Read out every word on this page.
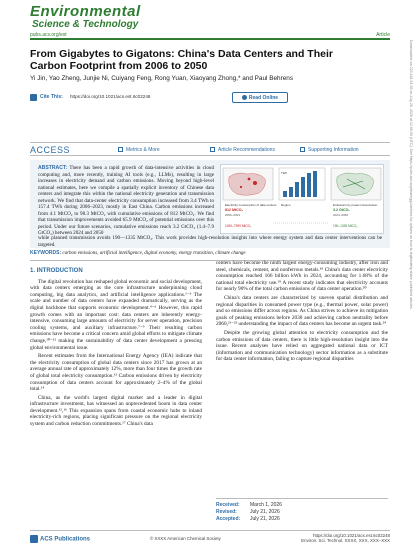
Environmental
Science & Technology
pubs.acs.org/est	Article
From Gigabytes to Gigatons: China's Data Centers and Their Carbon Footprint from 2006 to 2050
Yi Jin, Yao Zheng, Junjie Ni, Cuiyang Feng, Rong Yuan, Xiaoyang Zhong,* and Paul Behrens
Cite This: https://doi.org/10.1021/acs.est.6c02248	Read Online
ACCESS	Metrics & More	Article Recommendations	Supporting Information
ABSTRACT: There has been a rapid growth of data-intensive activities in cloud computing and, more recently, training AI tools (e.g., LLMs), resulting in large increases in electricity demand and carbon emissions. Moving beyond high-level national estimates, here we compile a spatially explicit inventory of Chinese data centers and integrate this within the national electricity generation and transmission network. We find that data-center electricity consumption increased from 3.4 TWh to 157.4 TWh during 2006–2023, mostly in East China. Carbon emissions increased from 4.1 MtCO₂ to 98.3 MtCO₂ with cumulative emissions of 812 MtCO₂. We find that transmission improvements avoided 65.9 MtCO₂ of potential emissions over this period. Under our future scenarios, cumulative emissions reach 3.2 GtCO₂ (1.4–7.9 GtCO₂) between 2024 and 2050
while planned transmission avoids 190—1335 MtCO₂. This work provides high-resolution insights into where energy system and data center interventions can be targeted.
Electricity consumption of data centers
812 MtCO₂
2006–2023
TWh
Emissions by power transmission
3.2 GtCO₂
2024–2050
Region
1490–7999 MtCO₂	190–1335 MtCO₂
KEYWORDS: carbon emissions, artificial intelligence, digital economy, energy transition, climate change
1. INTRODUCTION

The digital revolution has reshaped global economic and social development, with data centers emerging as the core infrastructure underpinning cloud computing, big data analytics, and artificial intelligence applications.¹⁻³ The scale and number of data centers have expanded dramatically, serving as the digital backbone that supports economic development.⁴⁻⁶ However, this rapid growth comes with an important cost: data centers are inherently energy-intensive, consuming large amounts of electricity for server operation, precision cooling systems, and auxiliary infrastructure.⁷⁻⁹ Their resulting carbon emissions have become a critical concern amid global efforts to mitigate climate change,¹⁰⁻¹² making the sustainability of data center development a pressing global environmental issue.

Recent estimates from the International Energy Agency (IEA) indicate that the electricity consumption of global data centers since 2017 has grown at an average annual rate of approximately 12%, more than four times the growth rate of global total electricity consumption.¹³ Carbon emissions driven by electricity consumption of data centers account for approximately 2–4% of the global total.¹⁴

China, as the world's largest digital market and a leader in digital infrastructure investment, has witnessed an unprecedented boom in data center development.¹⁵,¹⁶ This expansion spans from coastal economic hubs to inland electricity-rich regions, placing significant pressure on the regional electricity system and carbon reduction commitments.¹⁷ China's data

centers have become the ninth largest energy-consuming industry, after iron and steel, chemicals, cement, and nonferrous metals.¹⁸ China's data center electricity consumption reached 166 billion kWh in 2024, accounting for 1.68% of the national total electricity use.¹⁹ A recent study indicates that electricity accounts for nearly 90% of the total carbon emissions of data center operation.²⁰

China's data centers are characterized by uneven spatial distribution and regional disparities in consumed power type (e.g., thermal power, solar power) and so emissions differ across regions. As China strives to achieve its mitigation goals of peaking emissions before 2030 and achieving carbon neutrality before 2060,²¹⁻²³ understanding the impact of data centers has become an urgent task.²⁴

Despite the growing global attention to electricity consumption and the carbon emissions of data centers, there is little high-resolution insight into the issue. Recent analyses have relied on aggregated national data or ICT (information and communication technology) sector information as a substitute for data center information, failing to capture regional disparities

Received: March 1, 2026
Revised:	July 21, 2026
Accepted: July 21, 2026
ACS Publications	© XXXX American Chemical Society
https://doi.org/10.1021/acs.est.6c02248
Environ. Sci. Technol. XXXX, XXX, XXX–XXX
Downloaded via 220.181.51.55 on July 26, 2026 at 12:00:00 (UTC). See https://pubs.acs.org/sharingguidelines for options on how to legitimately share published articles.
